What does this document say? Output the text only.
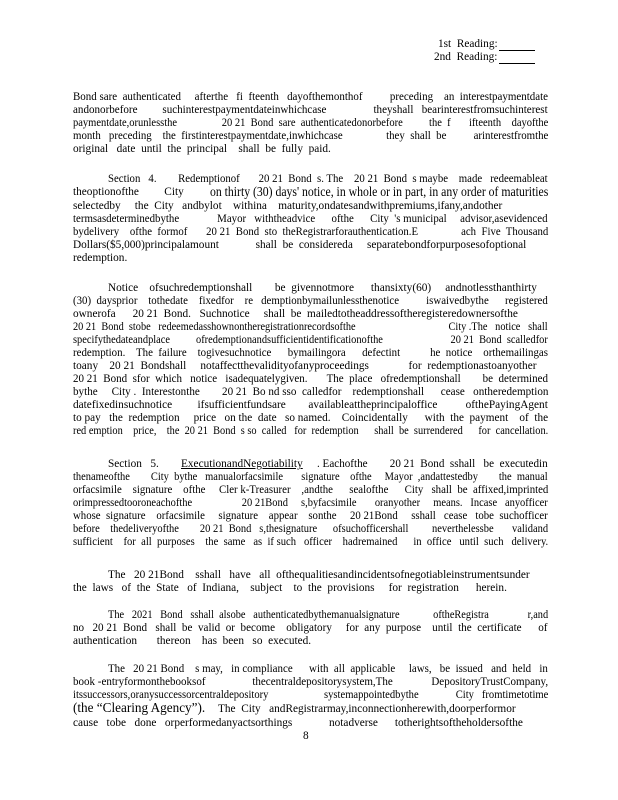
1st  Reading:
2nd  Reading:
Bond sare  authenticated     afterthe   fi  fteenth   dayofthemonthof          preceding    an  interestpaymentdate
andonorbefore         suchinterestpaymentdateinwhichcase                 theyshall   bearinterestfromsuchinterest
paymentdate,orunlessthe                 20 21  Bond  sare  authenticatedonorbefore          the  f       ifteenth    dayofthe
month   preceding    the  firstinterestpaymentdate,inwhichcase                they  shall  be          arinterestfromthe
original   date  until  the  principal    shall  be  fully  paid.
Section   4.        Redemptionof       20 21  Bond  s. The    20 21  Bond  s maybe    made   redeemableat
theoptionofthe         City on thirty (30) days' notice, in whole or in part, in any order of maturities
selectedby     the  City   andbylot    withina    maturity,ondatesandwithpremiums,ifany,andother
termsasdeterminedbythe              Mayor   withtheadvice      ofthe      City  's municipal     advisor,asevidenced
bydelivery    ofthe  formof       20 21  Bond  sto  theRegistrarforauthentication.E                ach  Five  Thousand
Dollars($5,000)principalamount             shall  be  considereda     separatebondforpurposesofoptional
redemption.
Notice    ofsuchredemptionshall        be  givennotmore      thansixty(60)     andnotlessthanthirty
(30)  daysprior    tothedate    fixedfor    re   demptionbymailunlessthenotice          iswaivedbythe      registered
ownerofa      20 21  Bond.   Suchnotice     shall  be  mailedtotheaddressoftheregisteredownersofthe
20 21  Bond  stobe   redeemedasshownontheregistrationrecordsofthe                                    City .The   notice   shall
specifythedateandplace          ofredemptionandsufficientidentificationofthe                          20 21  Bond  scalledfor
redemption.    The  failure    togivesuchnotice      bymailingora      defectint           he  notice    orthemailingas
toany    20 21  Bondshall     notaffectthevalidityofanyproceedings              for  redemptionastoanyother
20 21  Bond  sfor  which   notice   isadequatelygiven.       The  place   ofredemptionshall        be  determined
bythe     City .  Interestonthe        20 21  Bo nd sso  calledfor    redemptionshall      cease   ontheredemption
datefixedinsuchnotice         ifsufficientfundsare        availableattheprincipaloffice          ofthePayingAgent
to pay   the  redemption     price   on the  date   so named.    Coincidentally      with  the  payment    of  the
red emption    price,    the  20 21  Bond  s so  called   for  redemption      shall  be  surrendered      for  cancellation.
Section   5. ExecutionandNegotiability	. Eachofthe        20 21  Bond  sshall   be  executedin
thenameofthe        City  bythe   manualorfacsimile       signature    ofthe     Mayor  ,andattestedby        the  manual
orfacsimile    signature    ofthe     Cler k-Treasurer    ,andthe      sealofthe      City   shall  be  affixed,imprinted
orimpressedtooroneachofthe                   20 21Bond     s,byfacsimile       oranyother     means.   Incase   anyofficer
whose  signature    orfacsimile     signature    appear    sonthe     20 21Bond     sshall   cease   tobe  suchofficer
before    thedeliveryofthe        20 21  Bond   s,thesignature      ofsuchofficershall         neverthelessbe       validand
sufficient    for  all  purposes    the  same   as  if such   officer    hadremained      in  office   until  such   delivery.
The   20 21Bond    sshall   have   all  ofthequalitiesandincidentsofnegotiableinstrumentsunder
the  laws   of  the  State   of  Indiana,    subject    to  the  provisions     for  registration      herein.
The   2021   Bond   sshall  alsobe   authenticatedbythemanualsignature             oftheRegistra               r,and
no   20 21  Bond   shall  be  valid  or  become    obligatory     for  any  purpose    until  the  certificate      of
authentication       thereon    has  been   so  executed.
The   20 21 Bond    s may,   in compliance      with  all  applicable     laws,   be  issued   and  held   in
book -entryformonthebooksof                 thecentraldepositorysystem,The              DepositoryTrustCompany,
itssuccessors,oranysuccessorcentraldepository                     systemappointedbythe              City   fromtimetotime
(the “Clearing Agency”). The  City   andRegistrarmay,inconnectionherewith,doorperformor
cause   tobe   done   orperformedanyactsorthings             notadverse      totherightsoftheholdersofthe
8
